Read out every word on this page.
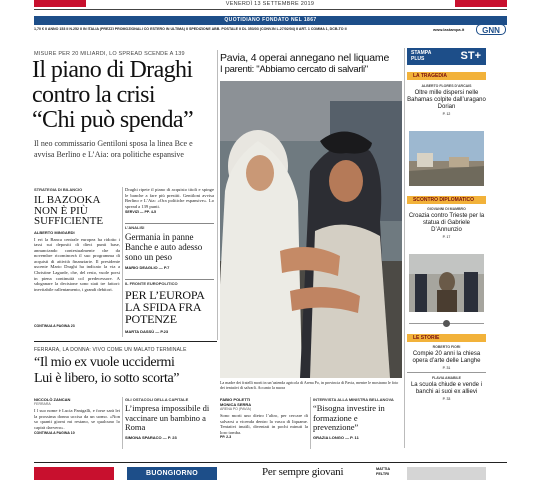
VENERDÌ 13 SETTEMBRE 2019
QUOTIDIANO FONDATO NEL 1867
1,70 € II ANNO 153 II N.252 II IN ITALIA (PREZZI PROMOZIONALI CO ESTERO IN ULTIMA) II SPEDIZIONE ABB. POSTALE II DL 353/03 (CONV.IN L.27/02/04) II ART. 1 COMMA 1, DCB-TO II	www.lastampa.it	GNN
MISURE PER 20 MILIARDI, LO SPREAD SCENDE A 139
Il piano di Draghi
contro la crisi
“Chi può spenda”
Il neo commissario Gentiloni sposa la linea Bce e avvisa Berlino e L’Aia: ora politiche espansive
STRATEGIA DI BILANCIO
IL BAZOOKA NON È PIÙ SUFFICIENTE
ALBERTO MINGARDI
I eri la Banca centrale europea ha ridotto i tassi sui depositi di dieci punti base, annunciando contestualmente che da novembre ricomincerà il suo programma di acquisti di attività finanziarie. Il presidente uscente Mario Draghi ha indicato la via a Christine Lagarde, che, del resto, vuole porsi in piena continuità col predecessore. A sdoganare la decisione sono stati tre fattori: inevitabile rallentamento, i grandi debitori.
CONTINUA A PAGINA 23
Draghi ripete il piano di acquisto titoli e spinge le banche a fare più prestiti. Gentiloni avvisa Berlino e L’Aia: «Ora politiche espansive». Lo spread a 139 punti.
SERVIZI — PP. 4-5
L’ANALISI
Germania in panne Banche e auto adesso sono un peso
MARIO DEAGLIO — P.7
IL FRONTE EUROPOLITICO
PER L’EUROPA LA SFIDA FRA POTENZE
MARTA DASSÙ — P.23
Pavia, 4 operai annegano nel liquame
I parenti: "Abbiamo cercato di salvarli"
La madre dei fratelli morti in un’azienda agricola di Arena Po, in provincia di Pavia, mentre le mostrano le foto dei tentativi di salvarli. Accanto la nuora
STAMPA PLUS	ST+
LA TRAGEDIA
ALBERTO FLORES D’ARCAIS
Oltre mille dispersi nelle Bahamas colpite dall’uragano Dorian
P. 12
SCONTRO DIPLOMATICO
GIOVANNI DI MAMBRO
Croazia contro Trieste per la statua di Gabriele D’Annunzio
P. 17
LE STORIE
ROBERTO FIORI
Compie 20 anni la chiesa opera d’arte delle Langhe
P. 31
FLAVIA AMABILE
La scuola chiude e vende i banchi ai suoi ex allievi
P. 33
FERRARA, LA DONNA: VIVO COME UN MALATO TERMINALE
“Il mio ex vuole uccidermi
Lui è libero, io sotto scorta”
NICCOLÒ ZANCAN
FERRARA
I l suo nome è Lucia Panigalli, e forse sarà lei la prossima donna uccisa da un uomo. «Non so quanti giorni mi restano, se qualcuno lo capirà davvero».
CONTINUA A PAGINA 10
GLI OSTACOLI DELLA CAPITALE
L’impresa impossibile di vaccinare un bambino a Roma
SIMONA SPARACO — P. 23
FABIO POLETTI
MONICA SERRA
ARENA PO (PAVIA)
Sono morti uno dietro l’altro, per cercare di salvarsi a vicenda dentro la vasca di liquame. Tentativi inutili, diventati in pochi minuti la loro tomba.
PP. 2-3
INTERVISTA ALLA MINISTRA BELLANOVA
“Bisogna investire in formazione e prevenzione”
GRAZIA LONGO — P. 11
BUONGIORNO	Per sempre giovani	MATTIA FELTRI
